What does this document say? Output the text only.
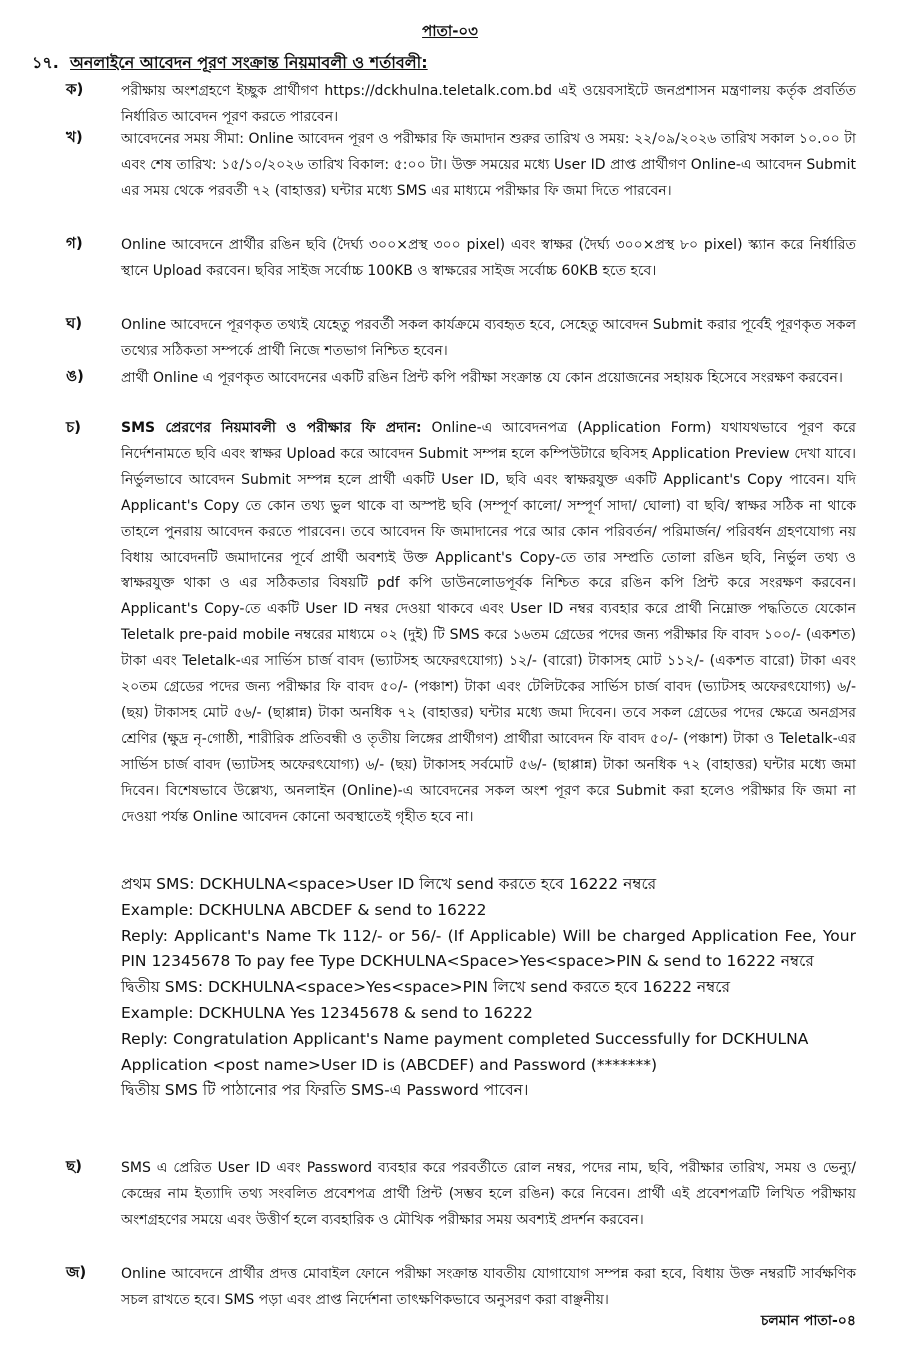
পাতা-০৩
১৭. অনলাইনে আবেদন পূরণ সংক্রান্ত নিয়মাবলী ও শর্তাবলী:
ক)	পরীক্ষায় অংশগ্রহণে ইচ্ছুক প্রার্থীগণ https://dckhulna.teletalk.com.bd এই ওয়েবসাইটে জনপ্রশাসন মন্ত্রণালয় কর্তৃক প্রবর্তিত নির্ধারিত আবেদন পূরণ করতে পারবেন।

খ)	আবেদনের সময় সীমা: Online আবেদন পূরণ ও পরীক্ষার ফি জমাদান শুরুর তারিখ ও সময়: ২২/০৯/২০২৬ তারিখ সকাল ১০.০০ টা এবং শেষ তারিখ: ১৫/১০/২০২৬ তারিখ বিকাল: ৫:০০ টা। উক্ত সময়ের মধ্যে User ID প্রাপ্ত প্রার্থীগণ Online-এ আবেদন Submit এর সময় থেকে পরবর্তী ৭২ (বাহাত্তর) ঘন্টার মধ্যে SMS এর মাধ্যমে পরীক্ষার ফি জমা দিতে পারবেন।

গ)	Online আবেদনে প্রার্থীর রঙিন ছবি (দৈর্ঘ্য ৩০০×প্রস্থ ৩০০ pixel) এবং স্বাক্ষর (দৈর্ঘ্য ৩০০×প্রস্থ ৮০ pixel) স্ক্যান করে নির্ধারিত স্থানে Upload করবেন। ছবির সাইজ সর্বোচ্চ 100KB ও স্বাক্ষরের সাইজ সর্বোচ্চ 60KB হতে হবে।

ঘ)	Online আবেদনে পূরণকৃত তথ্যই যেহেতু পরবর্তী সকল কার্যক্রমে ব্যবহৃত হবে, সেহেতু আবেদন Submit করার পূর্বেই পূরণকৃত সকল তথ্যের সঠিকতা সম্পর্কে প্রার্থী নিজে শতভাগ নিশ্চিত হবেন।

ঙ)	প্রার্থী Online এ পূরণকৃত আবেদনের একটি রঙিন প্রিন্ট কপি পরীক্ষা সংক্রান্ত যে কোন প্রয়োজনের সহায়ক হিসেবে সংরক্ষণ করবেন।

চ)	SMS প্রেরণের নিয়মাবলী ও পরীক্ষার ফি প্রদান: Online-এ আবেদনপত্র (Application Form) যথাযথভাবে পূরণ করে নির্দেশনামতে ছবি এবং স্বাক্ষর Upload করে আবেদন Submit সম্পন্ন হলে কম্পিউটারে ছবিসহ Application Preview দেখা যাবে। নির্ভুলভাবে আবেদন Submit সম্পন্ন হলে প্রার্থী একটি User ID, ছবি এবং স্বাক্ষরযুক্ত একটি Applicant's Copy পাবেন। যদি Applicant's Copy তে কোন তথ্য ভুল থাকে বা অস্পষ্ট ছবি (সম্পূর্ণ কালো/ সম্পূর্ণ সাদা/ ঘোলা) বা ছবি/ স্বাক্ষর সঠিক না থাকে তাহলে পুনরায় আবেদন করতে পারবেন। তবে আবেদন ফি জমাদানের পরে আর কোন পরিবর্তন/ পরিমার্জন/ পরিবর্ধন গ্রহণযোগ্য নয় বিধায় আবেদনটি জমাদানের পূর্বে প্রার্থী অবশ্যই উক্ত Applicant's Copy-তে তার সম্প্রতি তোলা রঙিন ছবি, নির্ভুল তথ্য ও স্বাক্ষরযুক্ত থাকা ও এর সঠিকতার বিষয়টি pdf কপি ডাউনলোডপূর্বক নিশ্চিত করে রঙিন কপি প্রিন্ট করে সংরক্ষণ করবেন। Applicant's Copy-তে একটি User ID নম্বর দেওয়া থাকবে এবং User ID নম্বর ব্যবহার করে প্রার্থী নিম্নোক্ত পদ্ধতিতে যেকোন Teletalk pre-paid mobile নম্বরের মাধ্যমে ০২ (দুই) টি SMS করে ১৬তম গ্রেডের পদের জন্য পরীক্ষার ফি বাবদ ১০০/- (একশত) টাকা এবং Teletalk-এর সার্ভিস চার্জ বাবদ (ভ্যাটসহ অফেরৎযোগ্য) ১২/- (বারো) টাকাসহ মোট ১১২/- (একশত বারো) টাকা এবং ২০তম গ্রেডের পদের জন্য পরীক্ষার ফি বাবদ ৫০/- (পঞ্চাশ) টাকা এবং টেলিটকের সার্ভিস চার্জ বাবদ (ভ্যাটসহ অফেরৎযোগ্য) ৬/- (ছয়) টাকাসহ মোট ৫৬/- (ছাপ্পান্ন) টাকা অনধিক ৭২ (বাহাত্তর) ঘন্টার মধ্যে জমা দিবেন। তবে সকল গ্রেডের পদের ক্ষেত্রে অনগ্রসর শ্রেণির (ক্ষুদ্র নৃ-গোষ্ঠী, শারীরিক প্রতিবন্ধী ও তৃতীয় লিঙ্গের প্রার্থীগণ) প্রার্থীরা আবেদন ফি বাবদ ৫০/- (পঞ্চাশ) টাকা ও Teletalk-এর সার্ভিস চার্জ বাবদ (ভ্যাটসহ অফেরৎযোগ্য) ৬/- (ছয়) টাকাসহ সর্বমোট ৫৬/- (ছাপ্পান্ন) টাকা অনধিক ৭২ (বাহাত্তর) ঘন্টার মধ্যে জমা দিবেন। বিশেষভাবে উল্লেখ্য, অনলাইন (Online)-এ আবেদনের সকল অংশ পূরণ করে Submit করা হলেও পরীক্ষার ফি জমা না দেওয়া পর্যন্ত Online আবেদন কোনো অবস্থাতেই গৃহীত হবে না।

প্রথম SMS: DCKHULNA<space>User ID লিখে send করতে হবে 16222 নম্বরে

Example: DCKHULNA ABCDEF & send to 16222

Reply: Applicant's Name Tk 112/- or 56/- (If Applicable) Will be charged Application Fee, Your PIN 12345678 To pay fee Type DCKHULNA<Space>Yes<space>PIN & send to 16222 নম্বরে

দ্বিতীয় SMS: DCKHULNA<space>Yes<space>PIN লিখে send করতে হবে 16222 নম্বরে

Example: DCKHULNA Yes 12345678 & send to 16222

Reply: Congratulation Applicant's Name payment completed Successfully for DCKHULNA

Application <post name>User ID is (ABCDEF) and Password (*******)

দ্বিতীয় SMS টি পাঠানোর পর ফিরতি SMS-এ Password পাবেন।

ছ)	SMS এ প্রেরিত User ID এবং Password ব্যবহার করে পরবর্তীতে রোল নম্বর, পদের নাম, ছবি, পরীক্ষার তারিখ, সময় ও ভেন্যু/ কেন্দ্রের নাম ইত্যাদি তথ্য সংবলিত প্রবেশপত্র প্রার্থী প্রিন্ট (সম্ভব হলে রঙিন) করে নিবেন। প্রার্থী এই প্রবেশপত্রটি লিখিত পরীক্ষায় অংশগ্রহণের সময়ে এবং উত্তীর্ণ হলে ব্যবহারিক ও মৌখিক পরীক্ষার সময় অবশ্যই প্রদর্শন করবেন।

জ) Online আবেদনে প্রার্থীর প্রদত্ত মোবাইল ফোনে পরীক্ষা সংক্রান্ত যাবতীয় যোগাযোগ সম্পন্ন করা হবে, বিধায় উক্ত নম্বরটি সার্বক্ষণিক সচল রাখতে হবে। SMS পড়া এবং প্রাপ্ত নির্দেশনা তাৎক্ষণিকভাবে অনুসরণ করা বাঞ্ছনীয়।

চলমান পাতা-০৪
